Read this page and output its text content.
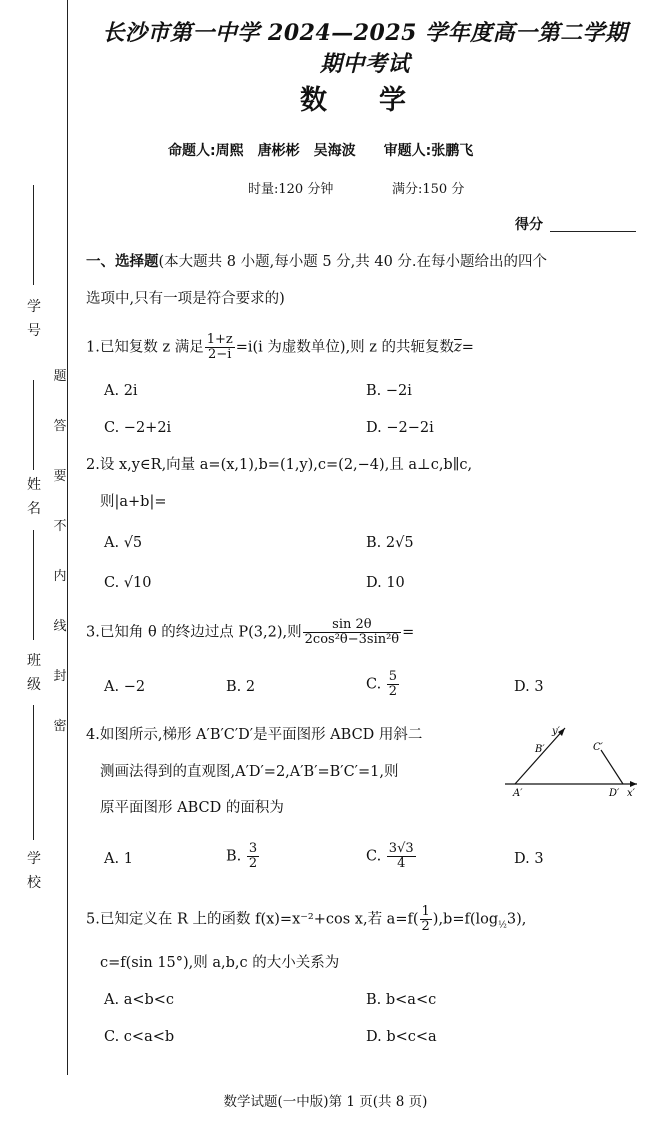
学
号
姓
名
班
级
学
校
题
答
要
不
内
线
封
密
长沙市第一中学 2024—2025 学年度高一第二学期期中考试
数 学
命题人:周熙　唐彬彬　吴海波　　审题人:张鹏飞
时量:120 分钟	满分:150 分
得分
一、选择题(本大题共 8 小题,每小题 5 分,共 40 分.在每小题给出的四个
选项中,只有一项是符合要求的)
1.已知复数 z 满足 $\frac{1+z}{2-i} =i(i$ 为虚数单位),则 z 的共轭复数$\overline{z}=$
A. 2i	B. −2i
C. −2+2i	D. −2−2i
2.设 x,y∈R,向量 a=(x,1),b=(1,y),c=(2,−4),且 a⊥c,b∥c,
则|a+b|=
A. √5	B. 2√5
C. √10	D. 10
3.已知角 θ 的终边过点 P(3,2),则 $\frac{\sin 2\theta}{\text{2cos²θ−3sin²θ}}$ =
A. −2	B. 2	C. $\frac{5}{2}$	D. 3
4.如图所示,梯形 A′B′C′D′是平面图形 ABCD 用斜二
测画法得到的直观图,A′D′=2,A′B′=B′C′=1,则
原平面图形 ABCD 的面积为
y′
B′	C′
A′	D′ x′
A. 1	B. $\frac{3}{2}$	C. $\frac{3√3}{4}$	D. 3
5.已知定义在 R 上的函数 f(x)=x⁻²+cos x,若 $a=f( \frac{1}{2} ),b=f(\log_{\frac{1}{2}}3)$,
c=f(sin 15°),则 a,b,c 的大小关系为
A. a<b<c	B. b<a<c
C. c<a<b	D. b<c<a
数学试题(一中版)第 1 页(共 8 页)
